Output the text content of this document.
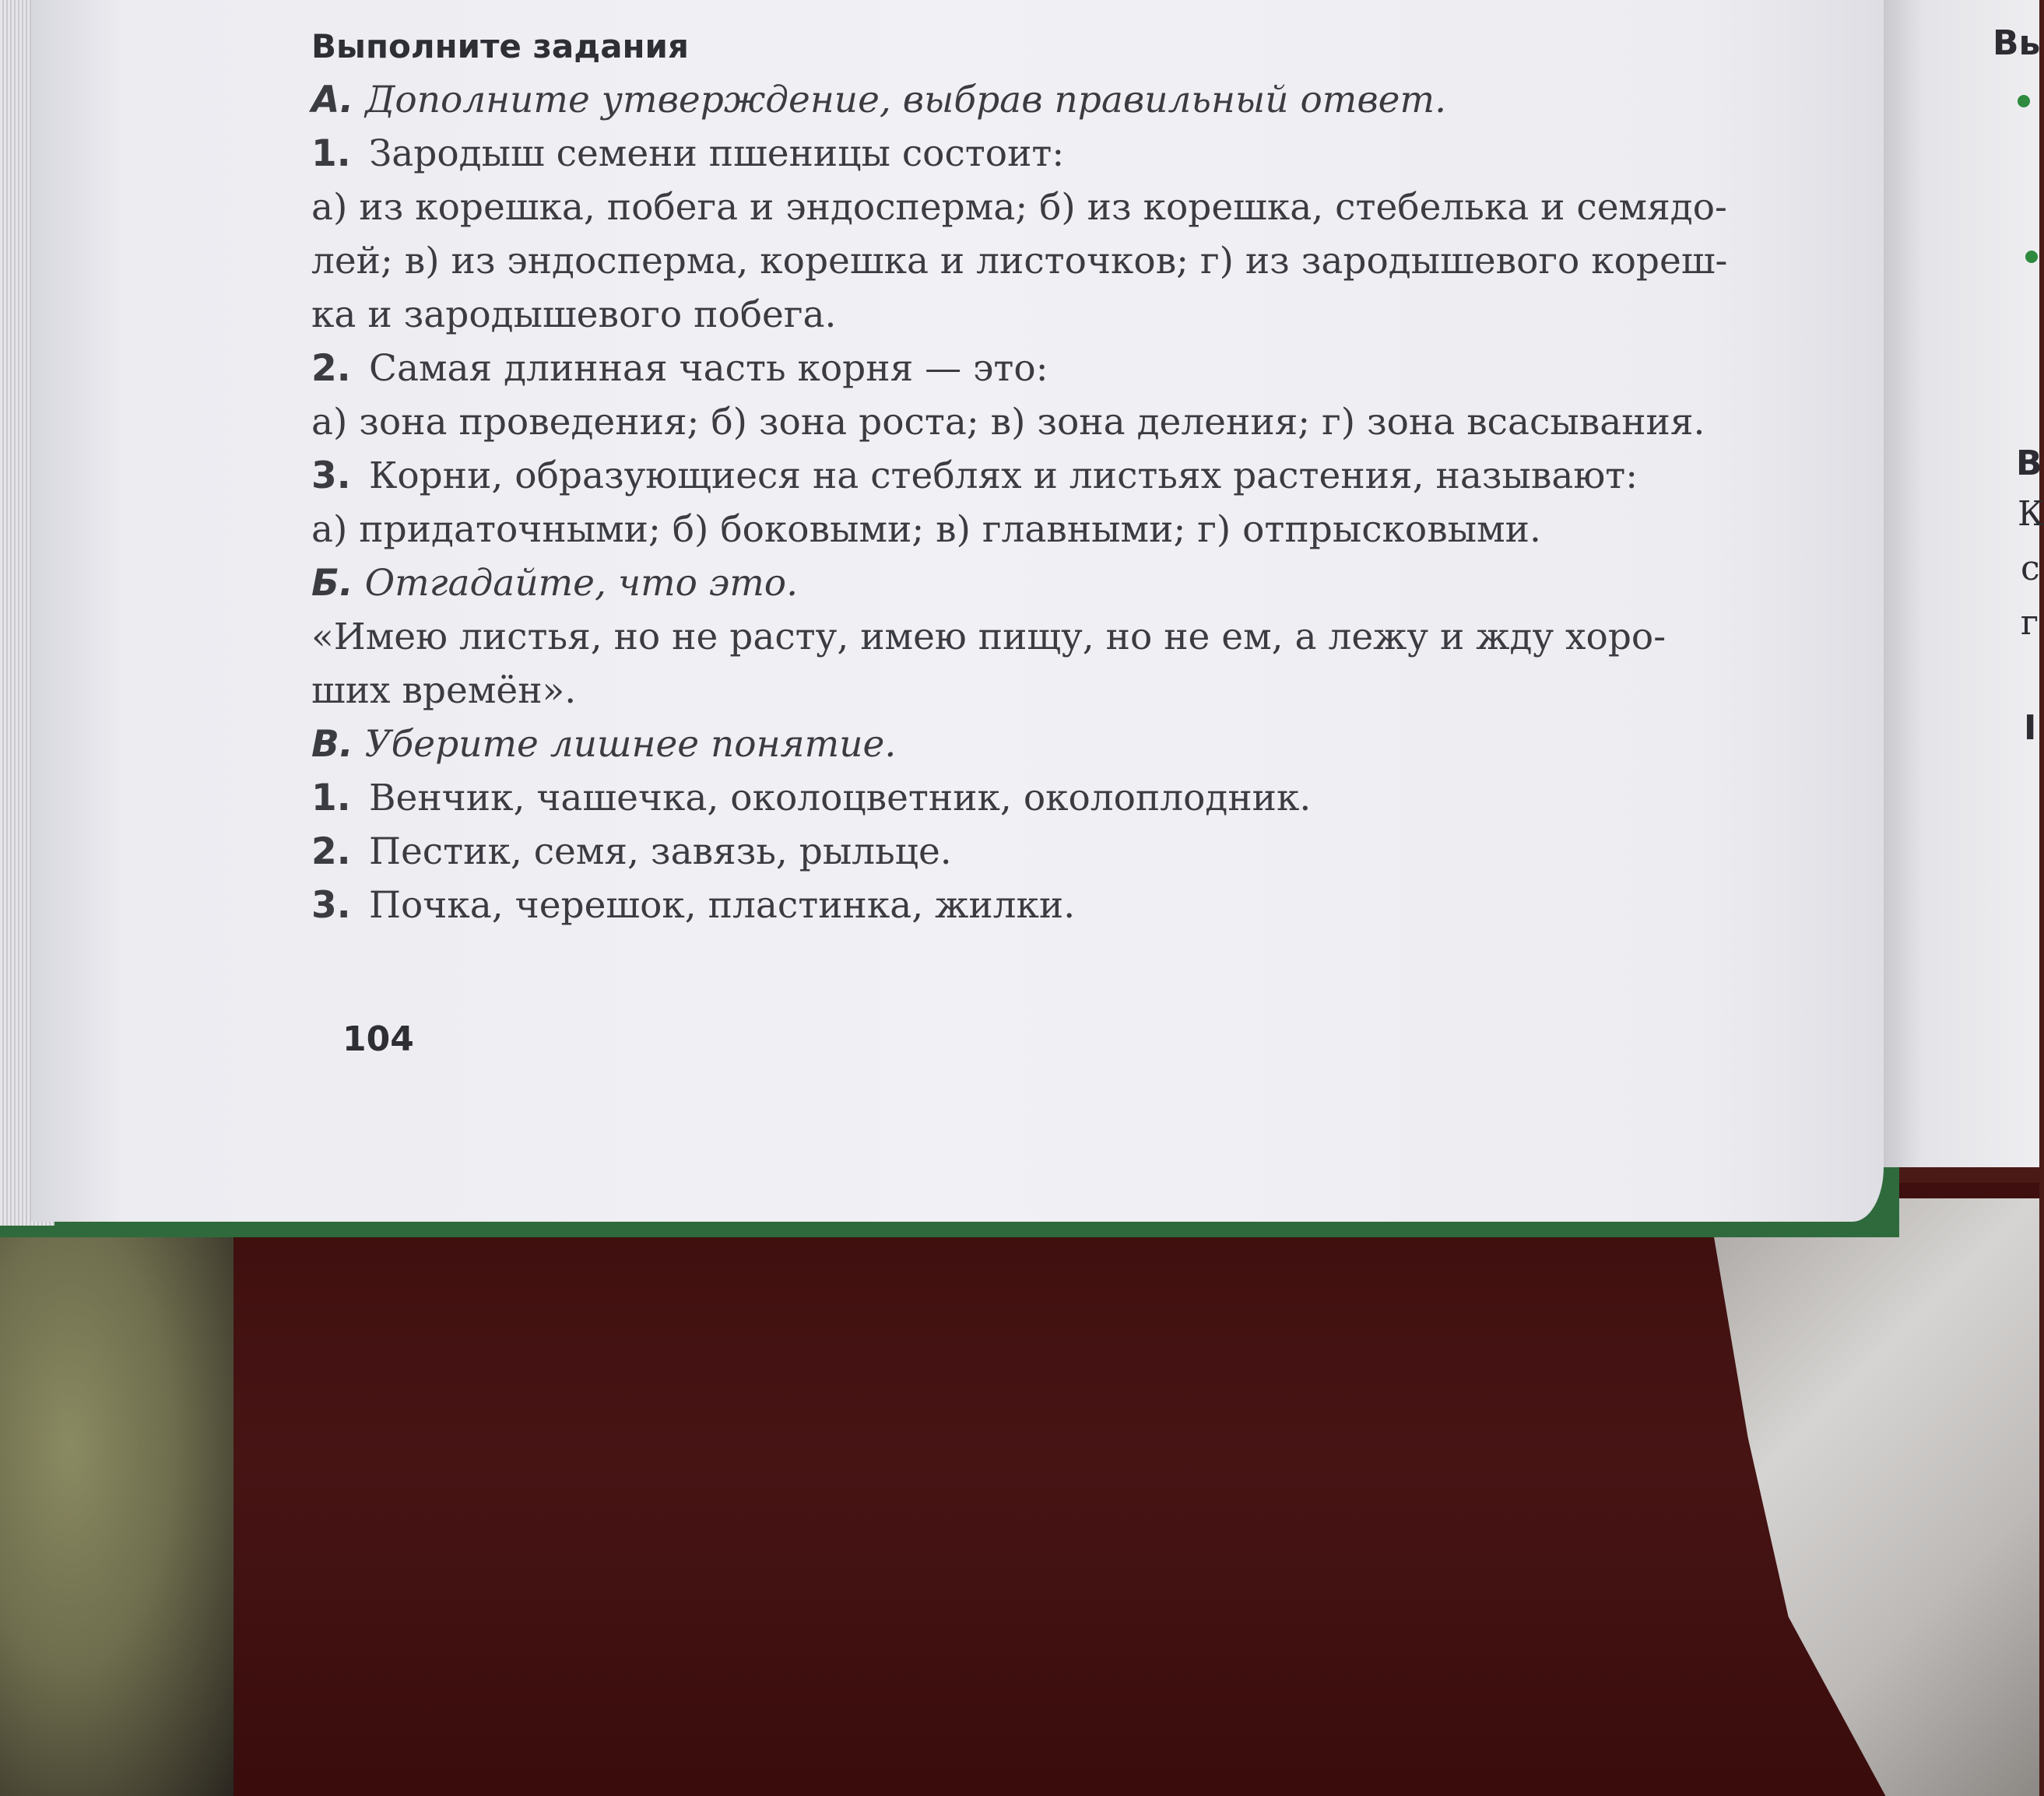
Вь
В
К
с
г
I
Выполните задания
А. Дополните утверждение, выбрав правильный ответ.
1. Зародыш семени пшеницы состоит:
а) из корешка, побега и эндосперма; б) из корешка, стебелька и семядо-
лей; в) из эндосперма, корешка и листочков; г) из зародышевого кореш-
ка и зародышевого побега.
2. Самая длинная часть корня — это:
а) зона проведения; б) зона роста; в) зона деления; г) зона всасывания.
3. Корни, образующиеся на стеблях и листьях растения, называют:
а) придаточными; б) боковыми; в) главными; г) отпрысковыми.
Б. Отгадайте, что это.
«Имею листья, но не расту, имею пищу, но не ем, а лежу и жду хоро-
ших времён».
В. Уберите лишнее понятие.
1. Венчик, чашечка, околоцветник, околоплодник.
2. Пестик, семя, завязь, рыльце.
3. Почка, черешок, пластинка, жилки.
104
